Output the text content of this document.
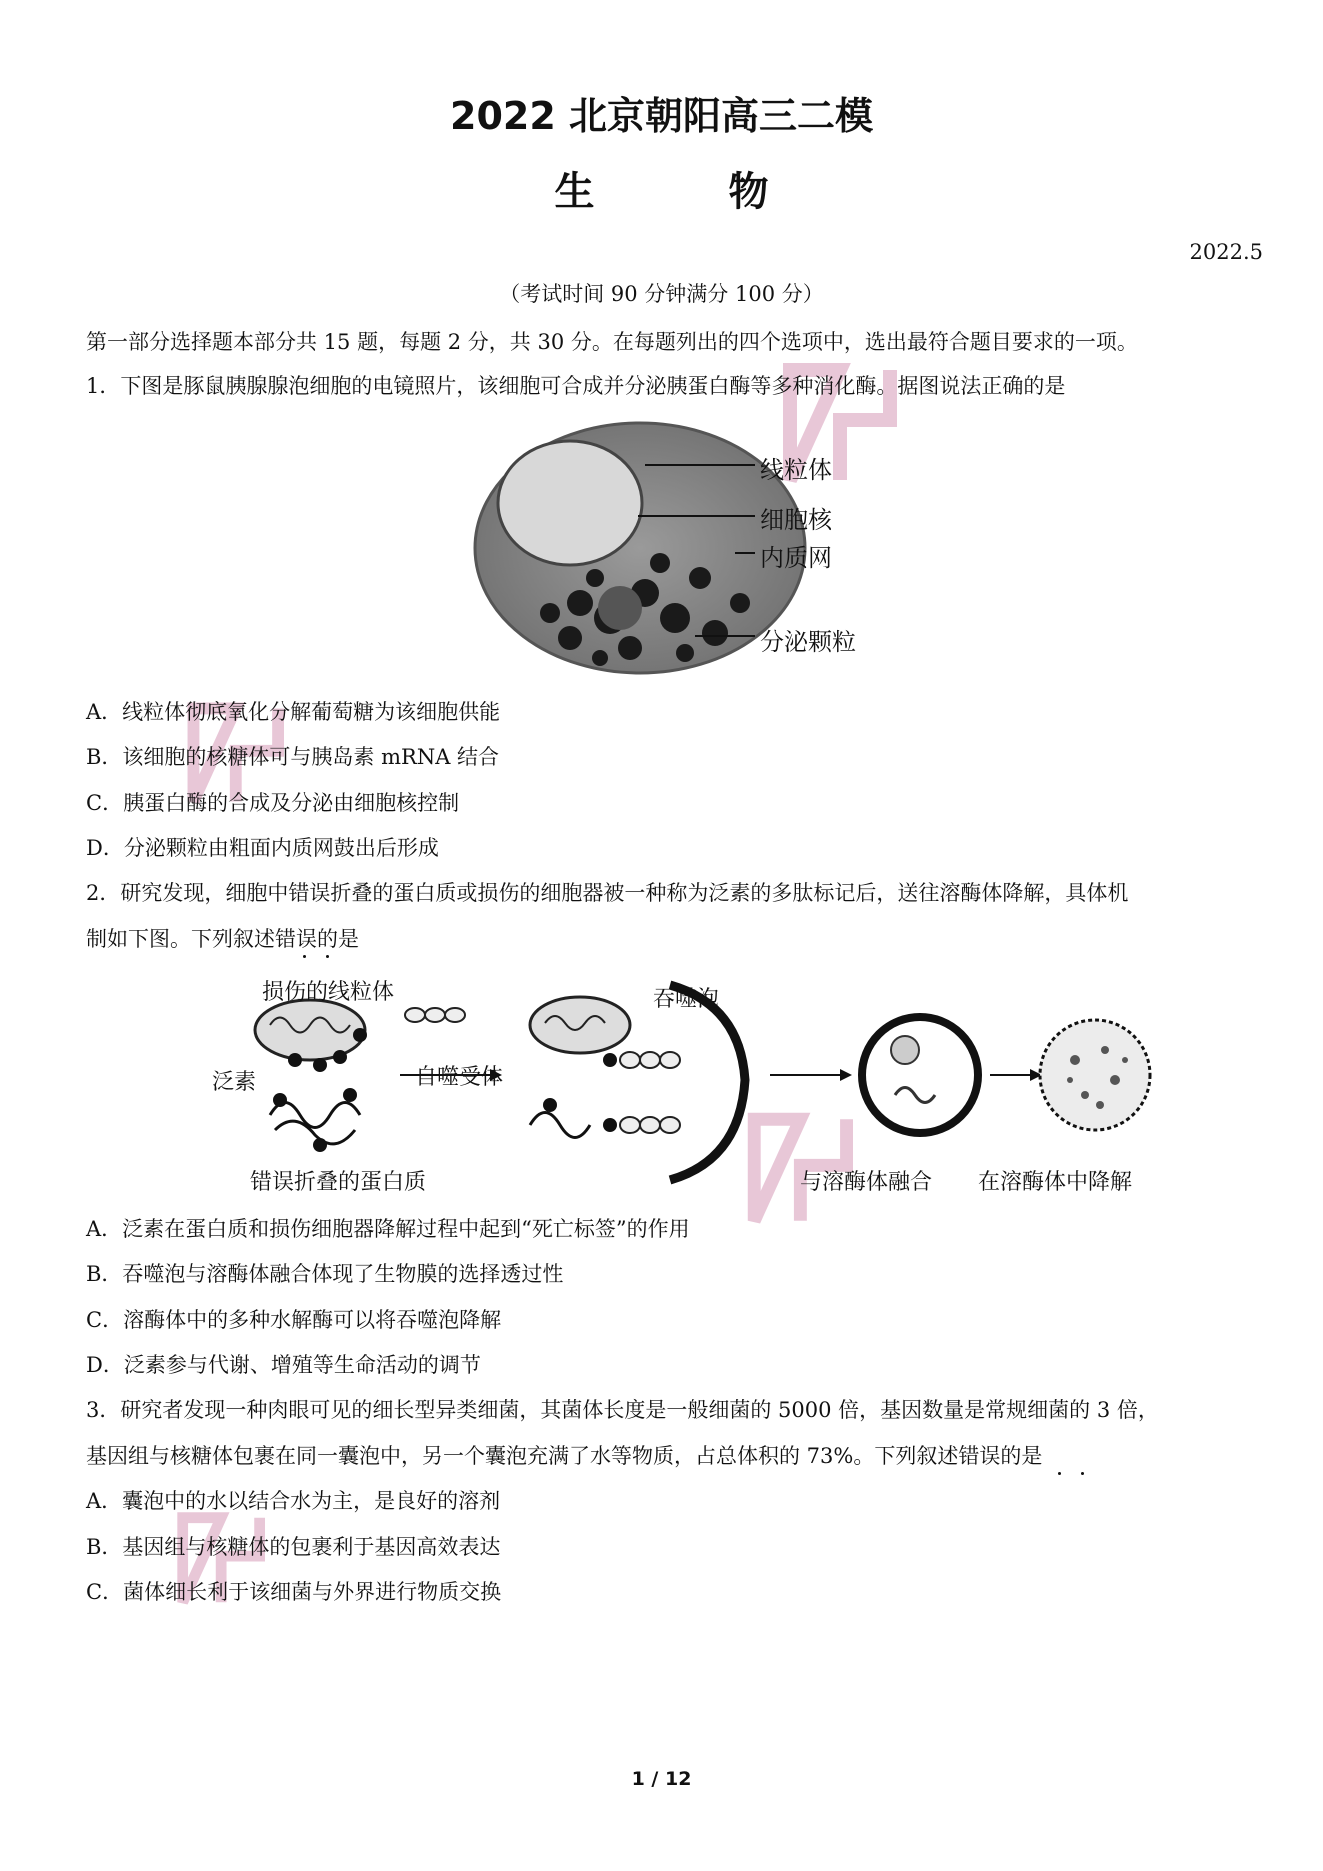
2022 北京朝阳高三二模
生 物
2022.5
（考试时间 90 分钟满分 100 分）
第一部分选择题本部分共 15 题，每题 2 分，共 30 分。在每题列出的四个选项中，选出最符合题目要求的一项。
1．下图是豚鼠胰腺腺泡细胞的电镜照片，该细胞可合成并分泌胰蛋白酶等多种消化酶。据图说法正确的是
线粒体
细胞核
内质网
分泌颗粒
A．线粒体彻底氧化分解葡萄糖为该细胞供能
B．该细胞的核糖体可与胰岛素 mRNA 结合
C．胰蛋白酶的合成及分泌由细胞核控制
D．分泌颗粒由粗面内质网鼓出后形成
2．研究发现，细胞中错误折叠的蛋白质或损伤的细胞器被一种称为泛素的多肽标记后，送往溶酶体降解，具体机
制如下图。下列叙述错误的是
损伤的线粒体
泛素	自噬受体
错误折叠的蛋白质
吞噬泡
与溶酶体融合 在溶酶体中降解
A．泛素在蛋白质和损伤细胞器降解过程中起到“死亡标签”的作用
B．吞噬泡与溶酶体融合体现了生物膜的选择透过性
C．溶酶体中的多种水解酶可以将吞噬泡降解
D．泛素参与代谢、增殖等生命活动的调节
3．研究者发现一种肉眼可见的细长型异类细菌，其菌体长度是一般细菌的 5000 倍，基因数量是常规细菌的 3 倍，
基因组与核糖体包裹在同一囊泡中，另一个囊泡充满了水等物质，占总体积的 73%。下列叙述错误的是
A．囊泡中的水以结合水为主，是良好的溶剂
B．基因组与核糖体的包裹利于基因高效表达
C．菌体细长利于该细菌与外界进行物质交换
1 / 12
